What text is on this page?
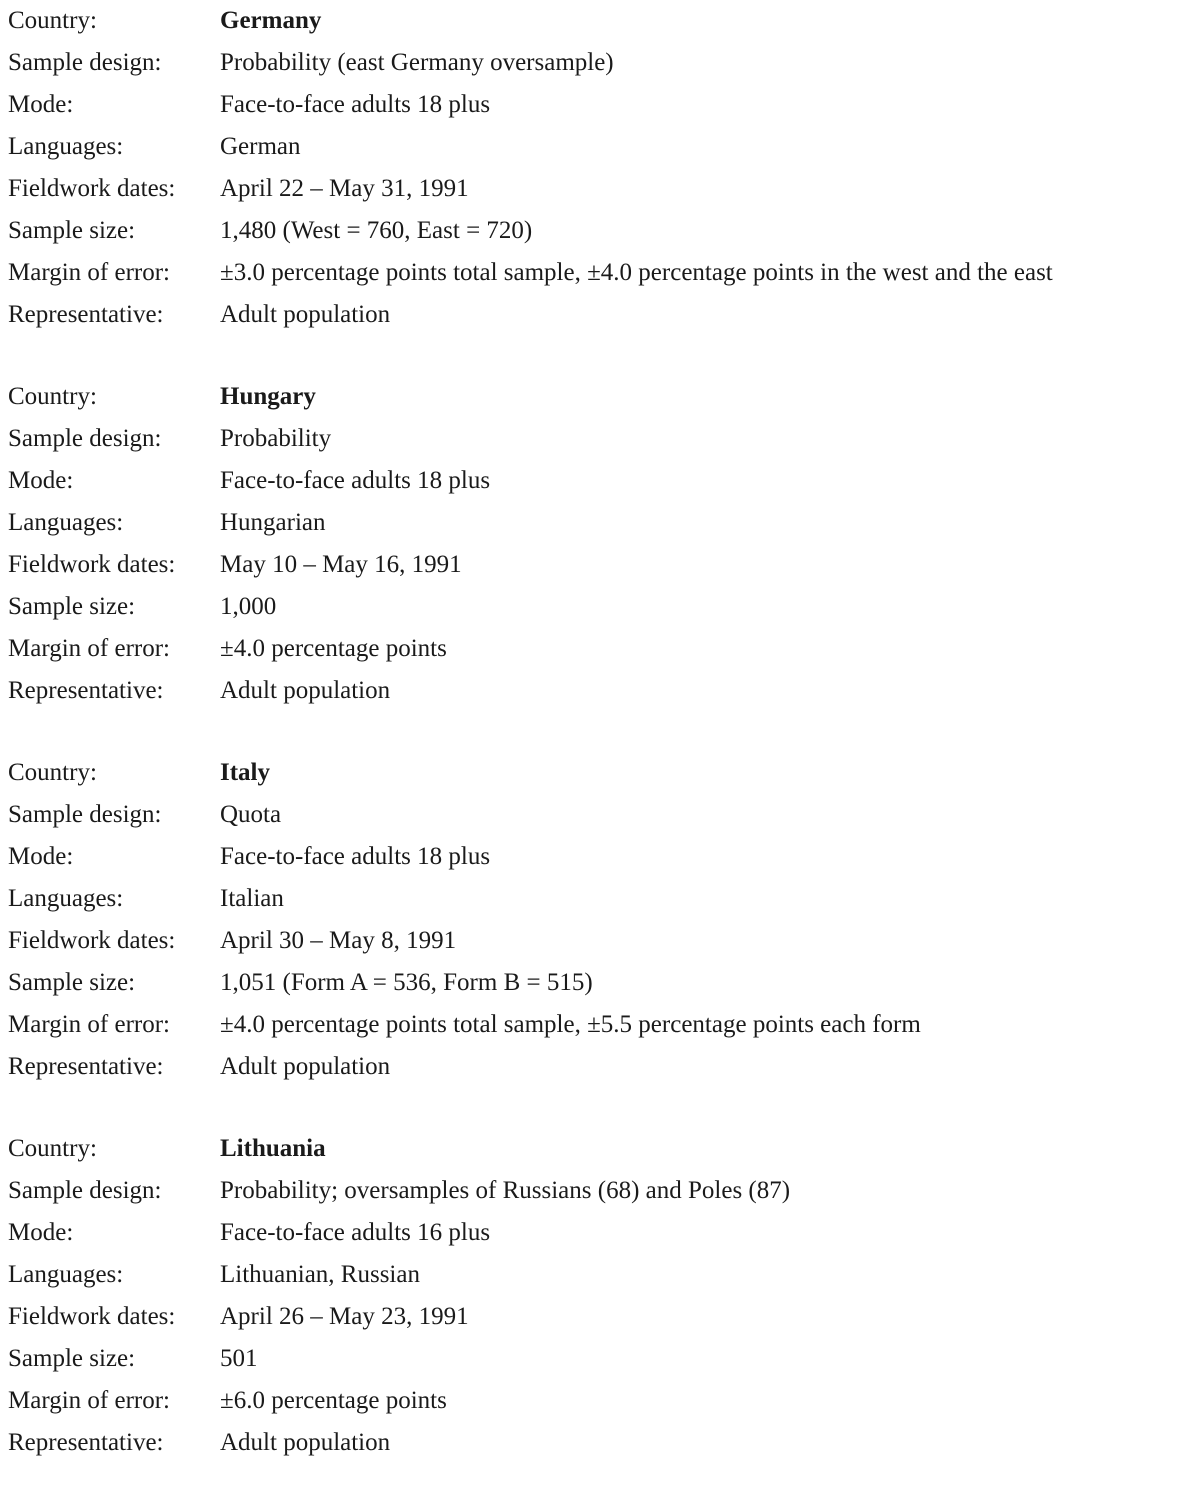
Country:	Germany
Sample design:	Probability (east Germany oversample)
Mode:	Face-to-face adults 18 plus
Languages:	German
Fieldwork dates:	April 22 – May 31, 1991
Sample size:	1,480 (West = 760, East = 720)
Margin of error:	±3.0 percentage points total sample, ±4.0 percentage points in the west and the east
Representative:	Adult population
Country:	Hungary
Sample design:	Probability
Mode:	Face-to-face adults 18 plus
Languages:	Hungarian
Fieldwork dates:	May 10 – May 16, 1991
Sample size:	1,000
Margin of error:	±4.0 percentage points
Representative:	Adult population
Country:	Italy
Sample design:	Quota
Mode:	Face-to-face adults 18 plus
Languages:	Italian
Fieldwork dates:	April 30 – May 8, 1991
Sample size:	1,051 (Form A = 536, Form B = 515)
Margin of error:	±4.0 percentage points total sample, ±5.5 percentage points each form
Representative:	Adult population
Country:	Lithuania
Sample design:	Probability; oversamples of Russians (68) and Poles (87)
Mode:	Face-to-face adults 16 plus
Languages:	Lithuanian, Russian
Fieldwork dates:	April 26 – May 23, 1991
Sample size:	501
Margin of error:	±6.0 percentage points
Representative:	Adult population
